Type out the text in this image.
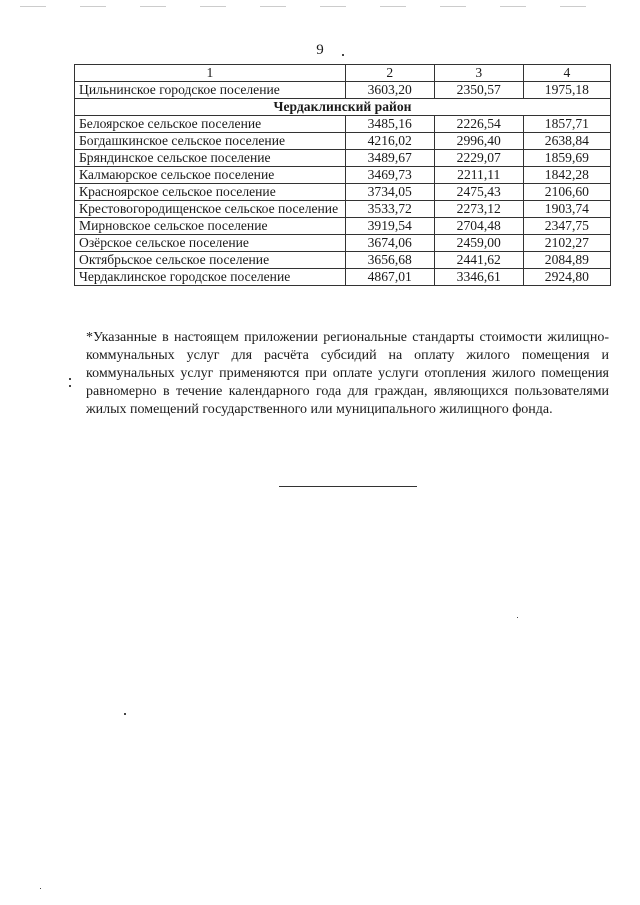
9
1	2	3	4
Цильнинское городское поселение	3603,20	2350,57	1975,18
Чердаклинский район			
Белоярское сельское поселение	3485,16	2226,54	1857,71
Богдашкинское сельское поселение	4216,02	2996,40	2638,84
Бряндинское сельское поселение	3489,67	2229,07	1859,69
Калмаюрское сельское поселение	3469,73	2211,11	1842,28
Красноярское сельское поселение	3734,05	2475,43	2106,60
Крестовогородищенское сельское поселение	3533,72	2273,12	1903,74
Мирновское сельское поселение	3919,54	2704,48	2347,75
Озёрское сельское поселение	3674,06	2459,00	2102,27
Октябрьское сельское поселение	3656,68	2441,62	2084,89
Чердаклинское городское поселение	4867,01	3346,61	2924,80

*Указанные в настоящем приложении региональные стандарты стоимости жилищно-коммунальных услуг для расчёта субсидий на оплату жилого помещения и коммунальных услуг применяются при оплате услуги отопления жилого помещения равномерно в течение календарного года для граждан, являющихся пользователями жилых помещений государственного или муниципального жилищного фонда.
